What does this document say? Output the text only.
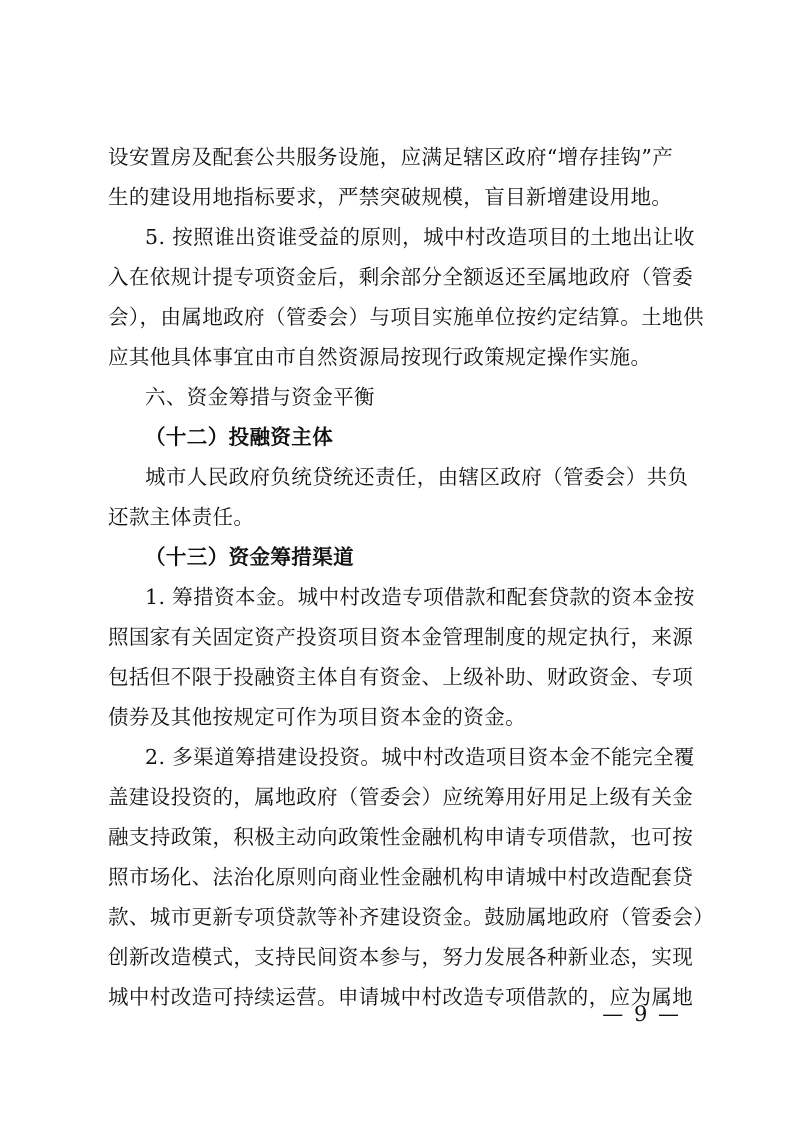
设安置房及配套公共服务设施，应满足辖区政府“增存挂钩”产
生的建设用地指标要求，严禁突破规模，盲目新增建设用地。
5. 按照谁出资谁受益的原则，城中村改造项目的土地出让收
入在依规计提专项资金后，剩余部分全额返还至属地政府（管委
会），由属地政府（管委会）与项目实施单位按约定结算。土地供
应其他具体事宜由市自然资源局按现行政策规定操作实施。
六、资金筹措与资金平衡
（十二）投融资主体
城市人民政府负统贷统还责任，由辖区政府（管委会）共负
还款主体责任。
（十三）资金筹措渠道
1. 筹措资本金。城中村改造专项借款和配套贷款的资本金按
照国家有关固定资产投资项目资本金管理制度的规定执行，来源
包括但不限于投融资主体自有资金、上级补助、财政资金、专项
债券及其他按规定可作为项目资本金的资金。
2. 多渠道筹措建设投资。城中村改造项目资本金不能完全覆
盖建设投资的，属地政府（管委会）应统筹用好用足上级有关金
融支持政策，积极主动向政策性金融机构申请专项借款，也可按
照市场化、法治化原则向商业性金融机构申请城中村改造配套贷
款、城市更新专项贷款等补齐建设资金。鼓励属地政府（管委会）
创新改造模式，支持民间资本参与，努力发展各种新业态，实现
城中村改造可持续运营。申请城中村改造专项借款的，应为属地
— 9 —
